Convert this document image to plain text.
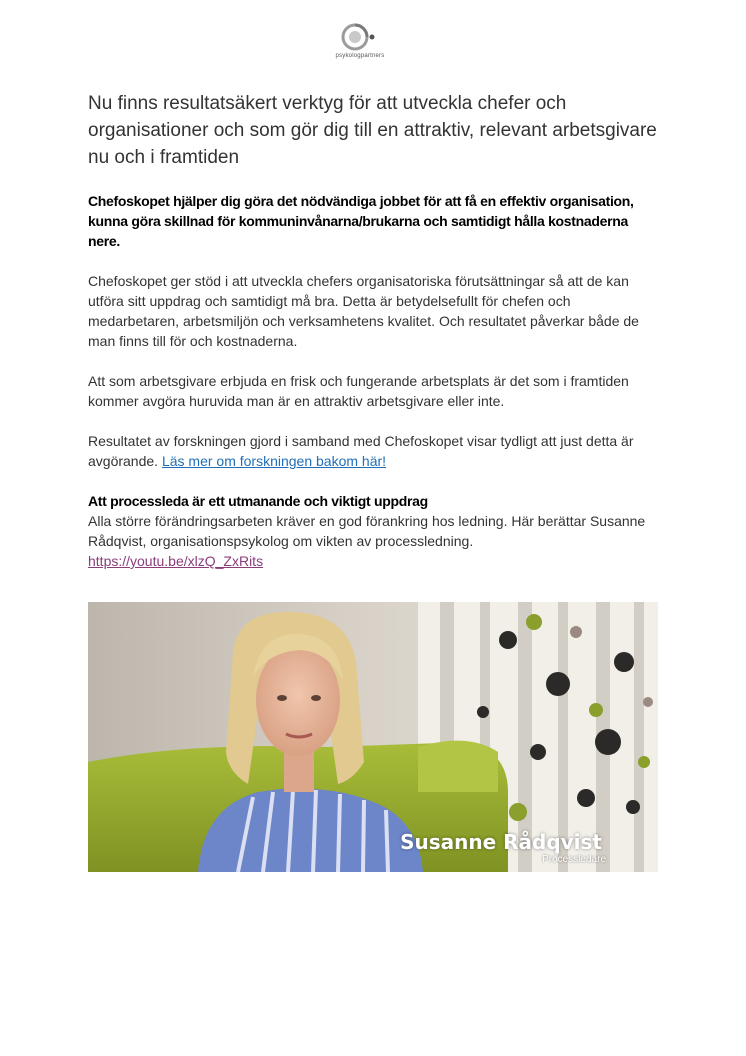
psykologpartners
Nu finns resultatsäkert verktyg för att utveckla chefer och organisationer och som gör dig till en attraktiv, relevant arbetsgivare nu och i framtiden

Chefoskopet hjälper dig göra det nödvändiga jobbet för att få en effektiv organisation, kunna göra skillnad för kommuninvånarna/brukarna och samtidigt hålla kostnaderna nere.

Chefoskopet ger stöd i att utveckla chefers organisatoriska förutsättningar så att de kan utföra sitt uppdrag och samtidigt må bra. Detta är betydelsefullt för chefen och medarbetaren, arbetsmiljön och verksamhetens kvalitet. Och resultatet påverkar både de man finns till för och kostnaderna.

Att som arbetsgivare erbjuda en frisk och fungerande arbetsplats är det som i framtiden kommer avgöra huruvida man är en attraktiv arbetsgivare eller inte.

Resultatet av forskningen gjord i samband med Chefoskopet visar tydligt att just detta är avgörande. Läs mer om forskningen bakom här!

Att processleda är ett utmanande och viktigt uppdrag

Alla större förändringsarbeten kräver en god förankring hos ledning. Här berättar Susanne Rådqvist, organisationspsykolog om vikten av processledning.
https://youtu.be/xlzQ_ZxRits

Susanne Rådqvist
Processledare
